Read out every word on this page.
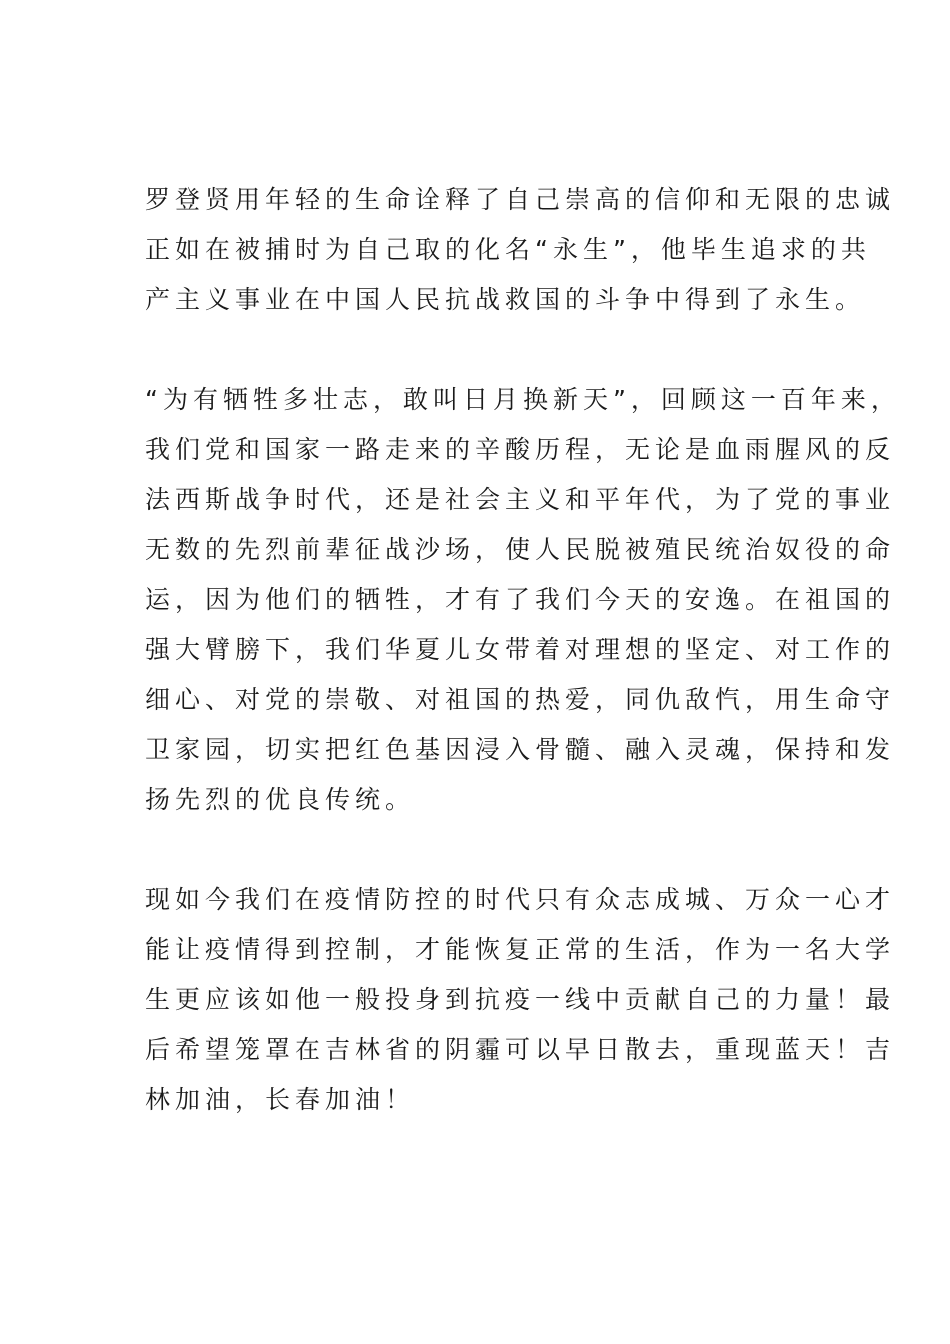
罗登贤用年轻的生命诠释了自己崇高的信仰和无限的忠诚
正如在被捕时为自己取的化名“永生”，他毕生追求的共
产主义事业在中国人民抗战救国的斗争中得到了永生。
“为有牺牲多壮志，敢叫日月换新天”，回顾这一百年来，
我们党和国家一路走来的辛酸历程，无论是血雨腥风的反
法西斯战争时代，还是社会主义和平年代，为了党的事业
无数的先烈前辈征战沙场，使人民脱被殖民统治奴役的命
运，因为他们的牺牲，才有了我们今天的安逸。在祖国的
强大臂膀下，我们华夏儿女带着对理想的坚定、对工作的
细心、对党的崇敬、对祖国的热爱，同仇敌忾，用生命守
卫家园，切实把红色基因浸入骨髓、融入灵魂，保持和发
扬先烈的优良传统。
现如今我们在疫情防控的时代只有众志成城、万众一心才
能让疫情得到控制，才能恢复正常的生活，作为一名大学
生更应该如他一般投身到抗疫一线中贡献自己的力量！最
后希望笼罩在吉林省的阴霾可以早日散去，重现蓝天！吉
林加油，长春加油！
